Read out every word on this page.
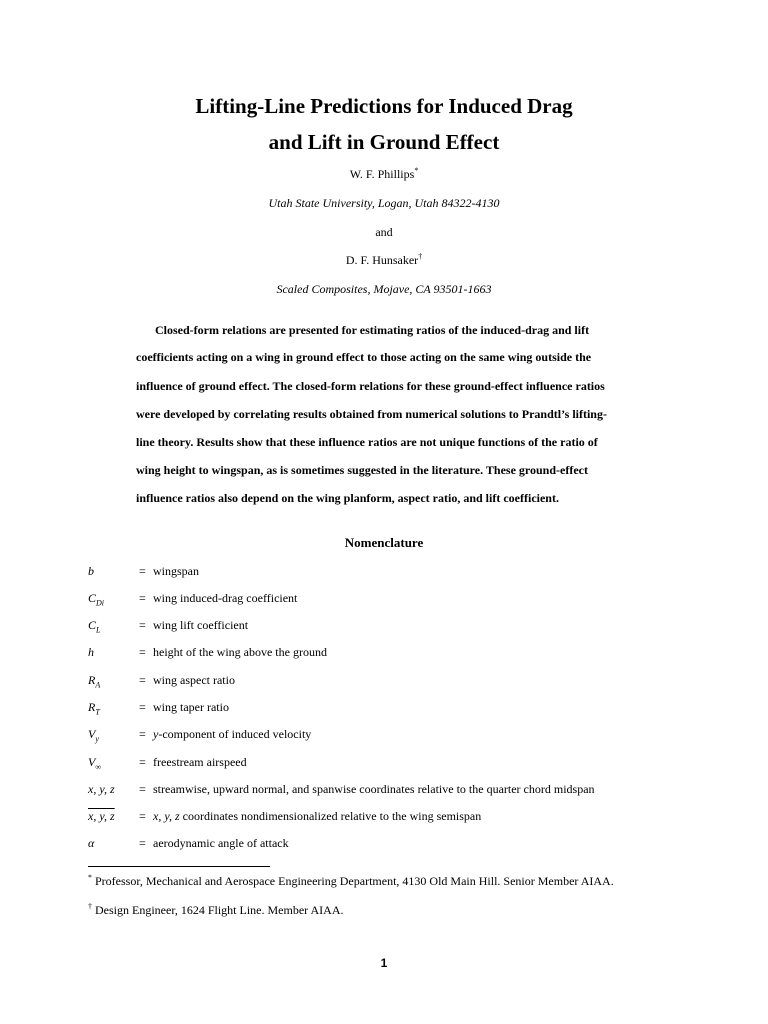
Lifting-Line Predictions for Induced Drag
and Lift in Ground Effect
W. F. Phillips*
Utah State University, Logan, Utah 84322-4130
and
D. F. Hunsaker†
Scaled Composites, Mojave, CA 93501-1663
Closed-form relations are presented for estimating ratios of the induced-drag and lift
coefficients acting on a wing in ground effect to those acting on the same wing outside the
influence of ground effect. The closed-form relations for these ground-effect influence ratios
were developed by correlating results obtained from numerical solutions to Prandtl’s lifting-
line theory. Results show that these influence ratios are not unique functions of the ratio of
wing height to wingspan, as is sometimes suggested in the literature. These ground-effect
influence ratios also depend on the wing planform, aspect ratio, and lift coefficient.
Nomenclature
b	= wingspan
$C_{Di}$	= wing induced-drag coefficient
$C_L$	= wing lift coefficient
h	= height of the wing above the ground
$R_A$	= wing aspect ratio
$R_T$	= wing taper ratio
$V_y$	= y-component of induced velocity
$V_\infty$	= freestream airspeed
x, y, z	= streamwise, upward normal, and spanwise coordinates relative to the quarter chord midspan
x, y, z	= x, y, z coordinates nondimensionalized relative to the wing semispan
α	= aerodynamic angle of attack
* Professor, Mechanical and Aerospace Engineering Department, 4130 Old Main Hill. Senior Member AIAA.
† Design Engineer, 1624 Flight Line. Member AIAA.
1
